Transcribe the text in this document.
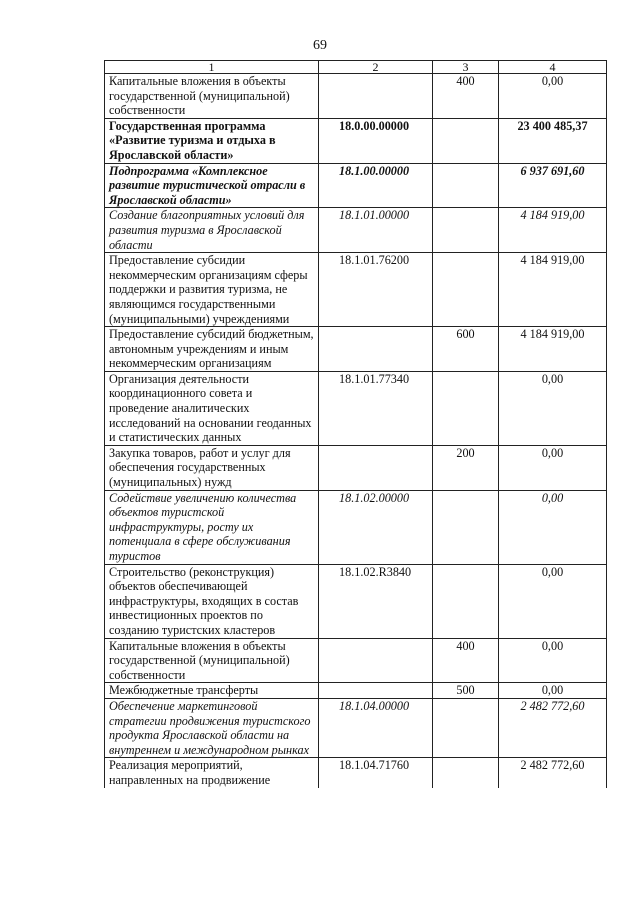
69
1	2	3	4
Капитальные вложения в объекты государственной (муниципальной) собственности		400	0,00
Государственная программа «Развитие туризма и отдыха в Ярославской области»	18.0.00.00000		23 400 485,37
Подпрограмма «Комплексное развитие туристической отрасли в Ярославской области»	18.1.00.00000		6 937 691,60
Создание благоприятных условий для развития туризма в Ярославской области	18.1.01.00000		4 184 919,00
Предоставление субсидии некоммерческим организациям сферы поддержки и развития туризма, не являющимся государственными (муниципальными) учреждениями	18.1.01.76200		4 184 919,00
Предоставление субсидий бюджетным, автономным учреждениям и иным некоммерческим организациям		600	4 184 919,00
Организация деятельности координационного совета и проведение аналитических исследований на основании геоданных и статистических данных	18.1.01.77340		0,00
Закупка товаров, работ и услуг для обеспечения государственных (муниципальных) нужд		200	0,00
Содействие увеличению количества объектов туристской инфраструктуры, росту их потенциала в сфере обслуживания туристов	18.1.02.00000		0,00
Строительство (реконструкция) объектов обеспечивающей инфраструктуры, входящих в состав инвестиционных проектов по созданию туристских кластеров	18.1.02.R3840		0,00
Капитальные вложения в объекты государственной (муниципальной) собственности		400	0,00
Межбюджетные трансферты		500	0,00
Обеспечение маркетинговой стратегии продвижения туристского продукта Ярославской области на внутреннем и международном рынках	18.1.04.00000		2 482 772,60
Реализация мероприятий, направленных на продвижение	18.1.04.71760		2 482 772,60
